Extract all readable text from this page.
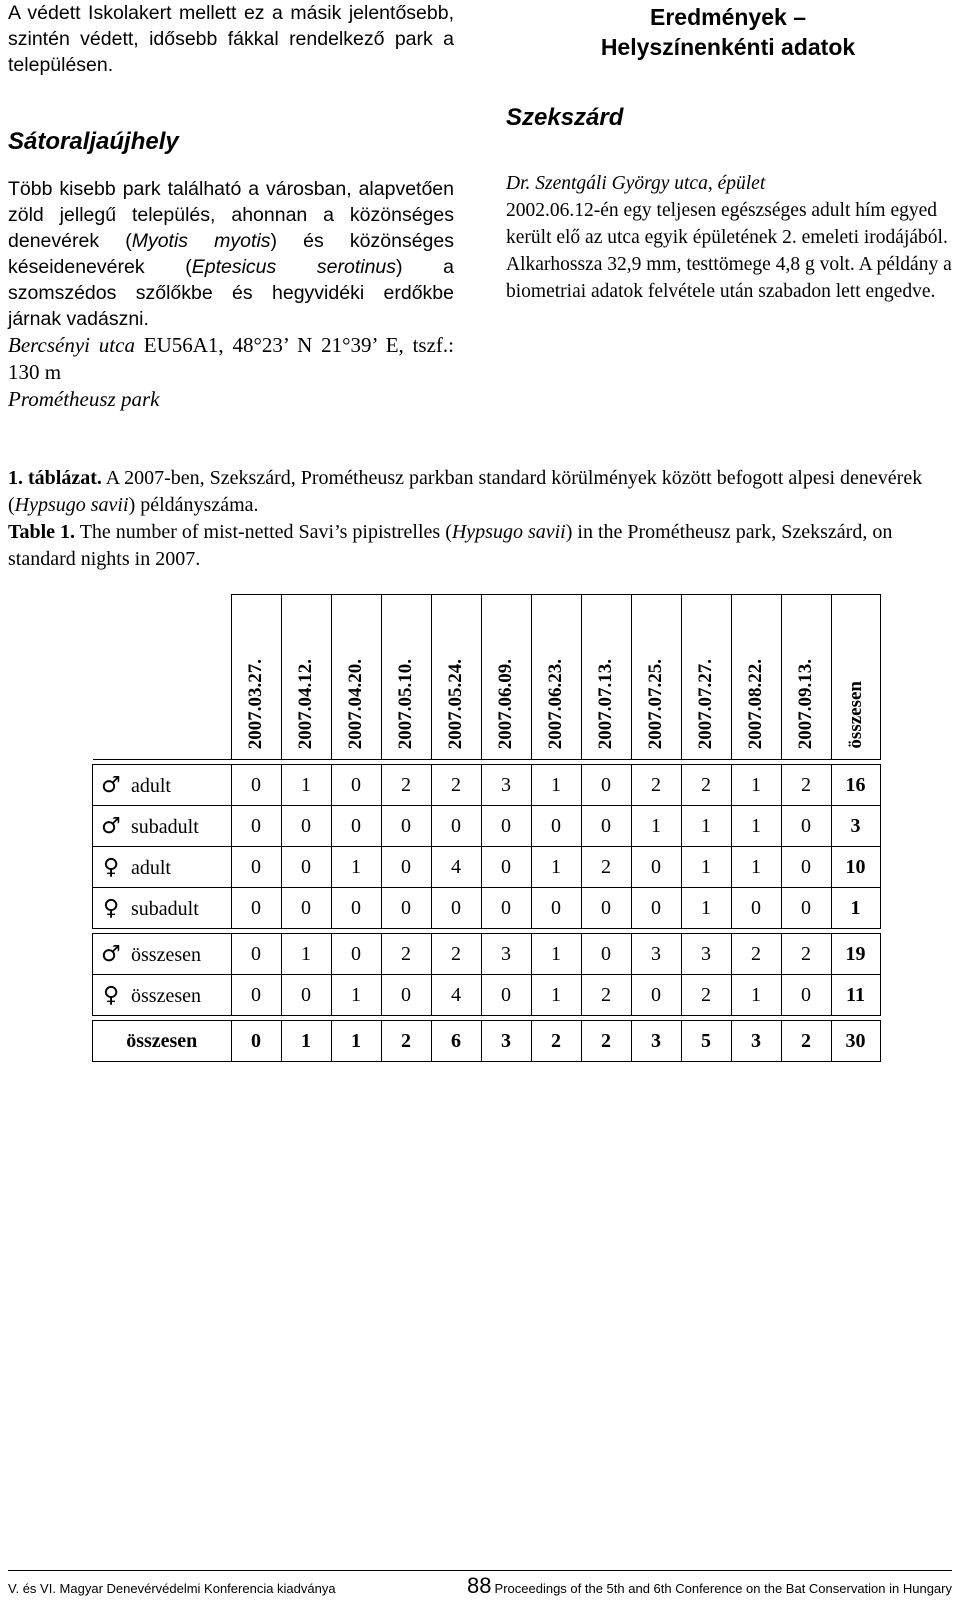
A védett Iskolakert mellett ez a másik jelentősebb, szintén védett, idősebb fákkal rendelkező park a településen.

Sátoraljaújhely

Több kisebb park található a városban, alapvetően zöld jellegű település, ahonnan a közönséges denevérek (Myotis myotis) és közönséges késeidenevérek (Eptesicus serotinus) a szomszédos szőlőkbe és hegyvidéki erdőkbe járnak vadászni.

Bercsényi utca EU56A1, 48°23’ N 21°39’ E, tszf.: 130 m

Prométheusz park

Eredmények –
Helyszínenkénti adatok
Szekszárd

Dr. Szentgáli György utca, épület

2002.06.12-én egy teljesen egészséges adult hím egyed került elő az utca egyik épületének 2. emeleti irodájából. Alkarhossza 32,9 mm, testtömege 4,8 g volt. A példány a biometriai adatok felvétele után szabadon lett engedve.

1. táblázat. A 2007-ben, Szekszárd, Prométheusz parkban standard körülmények között befogott alpesi denevérek (Hypsugo savii) példányszáma.

Table 1. The number of mist-netted Savi’s pipistrelles (Hypsugo savii) in the Prométheusz park, Szekszárd, on standard nights in 2007.

	2007.03.27.	2007.04.12.	2007.04.20.	2007.05.10.	2007.05.24.	2007.06.09.	2007.06.23.	2007.07.13.	2007.07.25.	2007.07.27.	2007.08.22.	2007.09.13.	összesen

♂ adult	0	1	0	2	2	3	1	0	2	2	1	2	16
♂ subadult	0	0	0	0	0	0	0	0	1	1	1	0	3
♀ adult	0	0	1	0	4	0	1	2	0	1	1	0	10
♀ subadult	0	0	0	0	0	0	0	0	0	1	0	0	1

♂ összesen	0	1	0	2	2	3	1	0	3	3	2	2	19
♀ összesen	0	0	1	0	4	0	1	2	0	2	1	0	11

összesen	0	1	1	2	6	3	2	2	3	5	3	2	30
V. és VI. Magyar Denevérvédelmi Konferencia kiadványa	88 Proceedings of the 5th and 6th Conference on the Bat Conservation in Hungary
